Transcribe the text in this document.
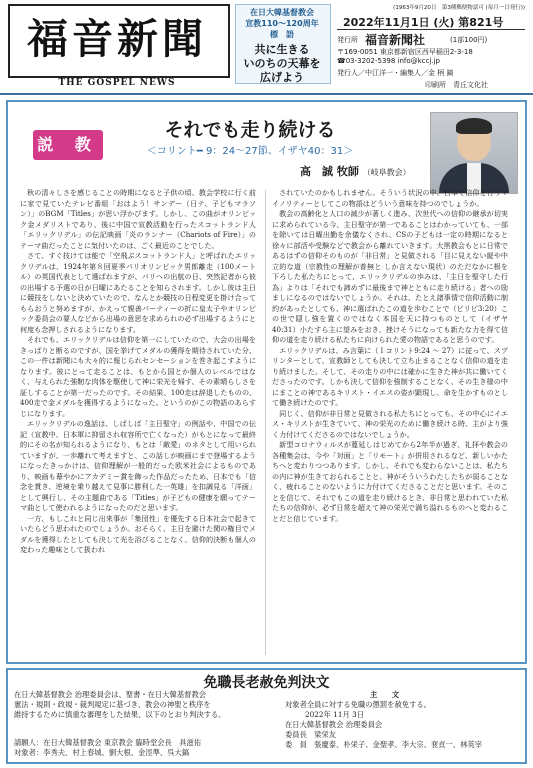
福音新聞
THE GOSPEL NEWS
在日大韓基督教会
宣教110〜120周年
標　語
共に生きる
いのちの天幕を
広げよう
(1963年9月20日　第3種郵便物認可 (毎月一日発行))
2022年11月1日 (火) 第821号
発行所 福音新聞社	(1部100円)
〒169-0051 東京都新宿区西早稲田2-3-18
☎03-3202-5398 info@kccj.jp
発行人／中江洋一・編集人／金 柄 鎬
印刷所　青丘文化社
説 教
それでも走り続ける
＜コリント━ 9：24〜27節、イザヤ40：31＞
高　誠 牧師 （岐阜教会）

秋の清々しさを感じることの時期になると子供の頃、教会学校に行く前に家で見ていたテレビ番組「おはよう！サンデー（日テ、子どもマラソン）」のBGM「Titles」が思い浮かびます。しかし、この曲がオリンピック金メダリストであり、後に中国で宣教活動を行ったスコットランド人「エリックリデル」の伝記映画「炎のランナー（Chariots of Fire）」のテーマ曲だったことに気付いたのは、ごく最近のことでした。

さて、すぐ技けては能で「空飛ぶスコットランド人」と呼ばれたエリックリデルは、1924年第８回夏季パリオリンピック男郎離走（100メートル）の英国代表として選ばれますが、パリへの出航の日、突然記者から彼の出場する予選の日が日曜にあたることを知らされます。しかし彼は主日に競技をしないと決めていたので、なんとか競技の日程変更を掛け合ってもらおうと努めますが、かえって親善パーティーの折に皇太子やオリンピック委員会の要人などから出場の意思を求められの必ず出場するようにと何度も念押しされるようになります。

それでも、エリックリデルは信仰を第一にしていたので、大会の出場をきっぱりと断るのですが、国を挙げてメダルの獲得を期待されていた分、この一件は新聞にも大々的に報じられセンセーションを巻き起こすようになります。彼にとって走ることは、もとから国とか個人のレベルではなく、与えられた強靭な肉体を駆使して神に栄光を帰す、その素晴らしさを証しすることが第一だったのです。その結果、100走は辞退したものの、400走で金メダルを獲得するようになった。というのがこの物語のあらすじになります。

エリックリデルの逸話は、しばしば「主日聖守」の例話や、中国での伝記（宣教中、日本軍に抑留され収容所で亡くなった）がもとになって最終的にその名が知られるようになり、もとは「敵愛」のネタとして用いられていますが、一歩離れて考えますと、この話しが映画にまで登場するようになったきっかけは、信仰理解が一般的だった欧米社会によるものであり、映画も幕やかにアカデミー賞を飾った作品だったため、日本でも「信念を貫き、逆境を乗り越えて見事に勝利した一英雄」を扣調見る「洋画」として興行し、その主題曲である「Titles」が子どもの健康を願ってテーマ曲として使われるようになったのだと思います。

一方、もしこれと同じ出来事が「集団性」を優先する日本社会で起きていたらどう思われたのでしょうか。おそらく、主日を避けた関の権目でメダルを獲得したとしても決して光を浴びることなく、信仰的決断も個人の変わった趣味として扱われ

されていたのかもしれません。そういう状況の中、日本で信仰を行うマイノリティーとしてこの物語はどういう意味を持つのでしょうか。

教会の高齢化と人口の減少が著しく進み、次世代への信仰の継承が切実に求められている今、主日聖守が第一であることはわかっていても、一部を除いては日曜出勤を余儀なくされ、CSの子どもは一定の時期になると徐々に部活や受験などで教会から離れていきます。大黒教会もとに日常であるはずの信仰そのものが「非日常」と見做される「目に見えない縦や中立的な道（宗教性の理解が普無と しか言えない現状）のただなかに根を下ろした私たちにとって、エリックリデルの歩みは、「主日を聖守した行為」よりは「それでも諦めずに最後まで神とともに走り続ける」者への励ましになるのではないでしょうか。それは、たとえ諸事情で信仰活動に制約があったとしても、神に選ばれたこの道を歩むことで（ピリピ3:20）この世で隠し強を置くのではなく本国を天に持つものとして（イザヤ40:31）小たすら主に望みをおき、挫けそうになっても新たな力を得て信仰の道を走り続ける私たちに向けられた愛の物語であると思うのです。

エリックリデルは、み言葉に（Ｉコリント9:24 〜 27）に従って、スプリンターとして、宣教師としても決して立ち止まることなく信仰の道を走り続けました。そして、その走りの中には確かに生きた神が共に働いてくださったのです。しかも決して信仰を強制することなく、その生き様の中にまことの神であるキリスト・イエスの姿が顕現し、命を生かすものとして働き続けたのです。

同じく、信仰が非日常と見做される私たちにとっても、その中心にイエス・キリストが生きていて、神の栄光のために働き続ける時、主がより強く力付けてくださるのではないでしょうか。

新型コロナウィルスが蔓延しはじめてから2年半が過ぎ、礼拝や教会の各種集会は、今や「対面」と「リモート」が併用されるなど、新しいかたちへと変わりつつあります。しかし、それでも変わらないことは、私たちの内に神が生きておられることと、神がそういうわたしたちが弱ることなく、疲れることのないように力付けてくださることだと思います。そのことを信じて、それでもこの道を走り続けるとき、非日常と思われていた私たちの信仰が、必ず日常を超えて神の栄光で満ち溢れるものへと変わることだと信じています。

免職長老赦免判決文
在日大韓基督教会 治理委員会は、聖書・在日大韓基督教会
憲法・規則・政規・裁判規定に基づき、教会の神聖と秩序を
維持するために慎重な審理をした結果、以下のとおり判決する。
請願人：在日大韓基督教会 東京教会 臨時堂会長　具滋佑
対象者：李秀夫、村上春城、劉大根、金涇準、呉大鎬
主　　文
対象者全員に対する免職の懲罰を赦免する。
2022年 11月 3日
在日大韓基督教会 治理委員会
委員長　梁栄友
委　員　張慶泰、朴栄子、金聖孝、李大宗、裵貞一、林英宰
